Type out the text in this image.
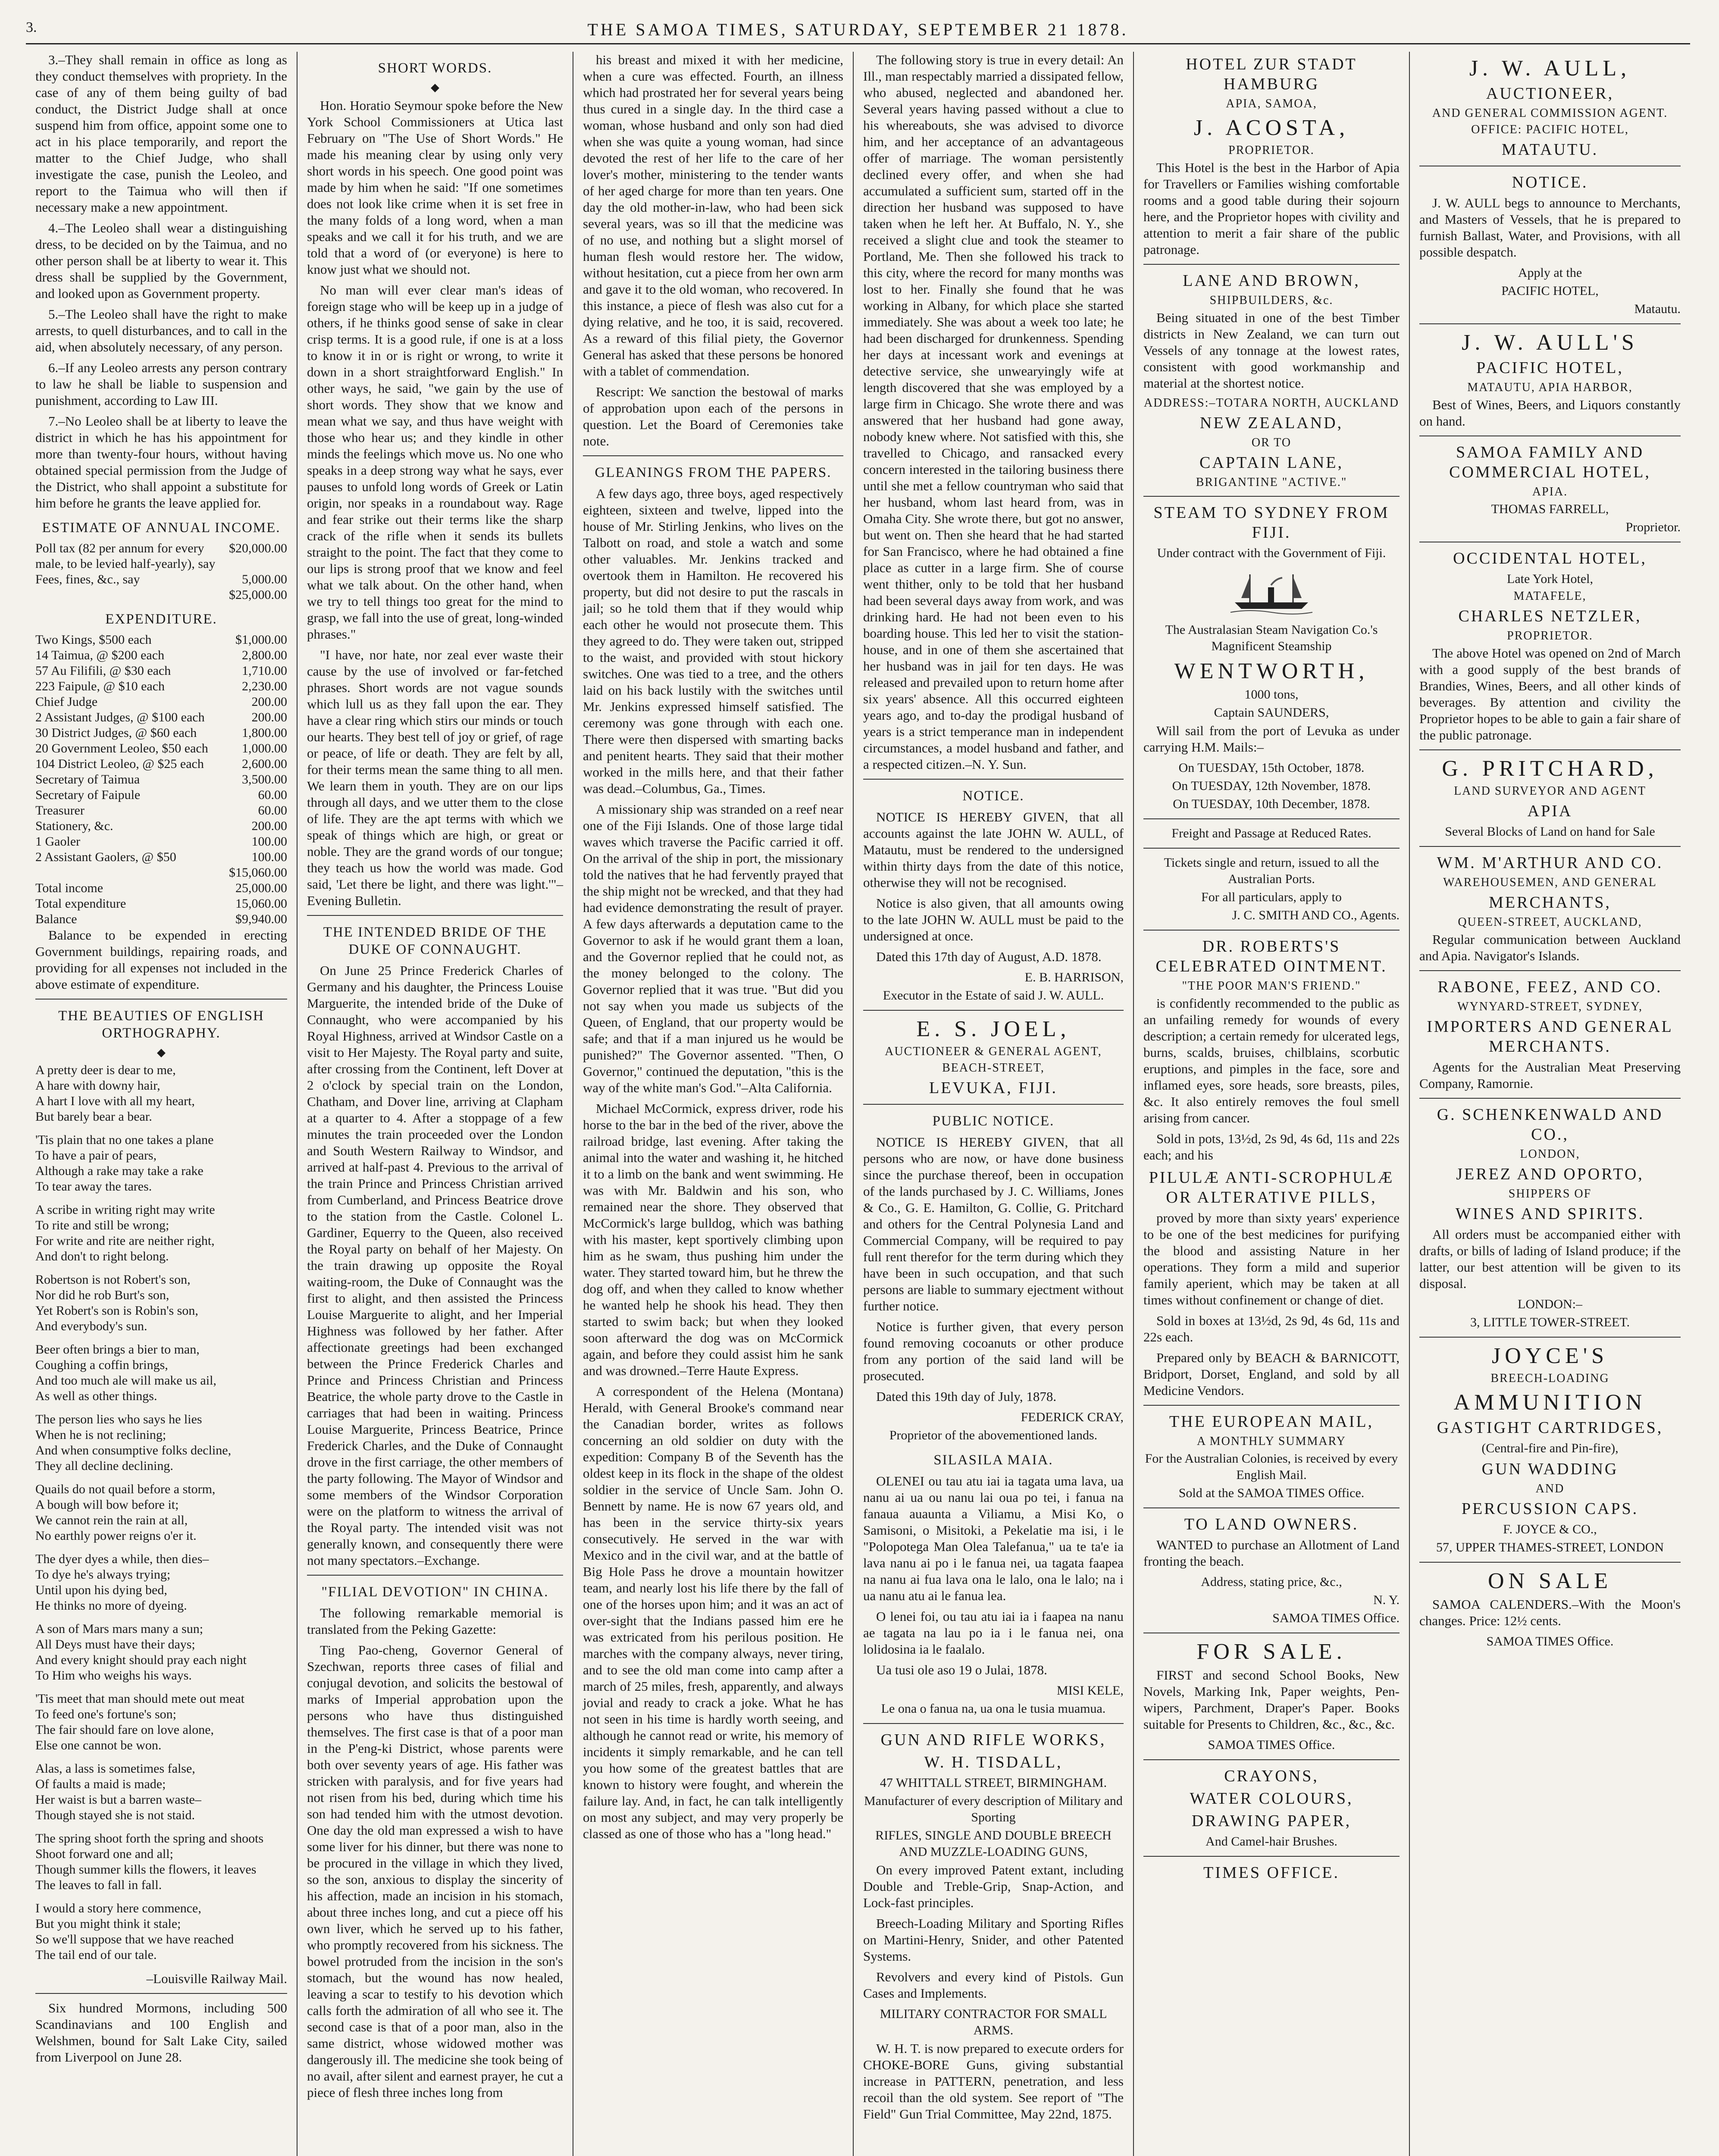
3.	THE SAMOA TIMES, SATURDAY, SEPTEMBER 21 1878.

3.–They shall remain in office as long as they conduct themselves with propriety. In the case of any of them being guilty of bad conduct, the District Judge shall at once suspend him from office, appoint some one to act in his place temporarily, and report the matter to the Chief Judge, who shall investigate the case, punish the Leoleo, and report to the Taimua who will then if necessary make a new appointment.

4.–The Leoleo shall wear a distinguishing dress, to be decided on by the Taimua, and no other person shall be at liberty to wear it. This dress shall be supplied by the Government, and looked upon as Government property.

5.–The Leoleo shall have the right to make arrests, to quell disturbances, and to call in the aid, when absolutely necessary, of any person.

6.–If any Leoleo arrests any person contrary to law he shall be liable to suspension and punishment, according to Law III.

7.–No Leoleo shall be at liberty to leave the district in which he has his appointment for more than twenty-four hours, without having obtained special permission from the Judge of the District, who shall appoint a substitute for him before he grants the leave applied for.

ESTIMATE OF ANNUAL INCOME.
Poll tax (82 per annum for every male, to be levied half-yearly), say	$20,000.00
Fees, fines, &c., say	5,000.00
	$25,000.00
EXPENDITURE.
Two Kings, $500 each	$1,000.00
14 Taimua, @ $200 each	2,800.00
57 Au Filifili, @ $30 each	1,710.00
223 Faipule, @ $10 each	2,230.00
Chief Judge	200.00
2 Assistant Judges, @ $100 each	200.00
30 District Judges, @ $60 each	1,800.00
20 Government Leoleo, $50 each	1,000.00
104 District Leoleo, @ $25 each	2,600.00
Secretary of Taimua	3,500.00
Secretary of Faipule	60.00
Treasurer	60.00
Stationery, &c.	200.00
1 Gaoler	100.00
2 Assistant Gaolers, @ $50	100.00
	$15,060.00
Total income	25,000.00
Total expenditure	15,060.00
Balance	$9,940.00

Balance to be expended in erecting Government buildings, repairing roads, and providing for all expenses not included in the above estimate of expenditure.

THE BEAUTIES OF ENGLISH ORTHOGRAPHY.
◆

A pretty deer is dear to me,

A hare with downy hair,

A hart I love with all my heart,

But barely bear a bear.

'Tis plain that no one takes a plane

To have a pair of pears,

Although a rake may take a rake

To tear away the tares.

A scribe in writing right may write

To rite and still be wrong;

For write and rite are neither right,

And don't to right belong.

Robertson is not Robert's son,

Nor did he rob Burt's son,

Yet Robert's son is Robin's son,

And everybody's sun.

Beer often brings a bier to man,

Coughing a coffin brings,

And too much ale will make us ail,

As well as other things.

The person lies who says he lies

When he is not reclining;

And when consumptive folks decline,

They all decline declining.

Quails do not quail before a storm,

A bough will bow before it;

We cannot rein the rain at all,

No earthly power reigns o'er it.

The dyer dyes a while, then dies–

To dye he's always trying;

Until upon his dying bed,

He thinks no more of dyeing.

A son of Mars mars many a sun;

All Deys must have their days;

And every knight should pray each night

To Him who weighs his ways.

'Tis meet that man should mete out meat

To feed one's fortune's son;

The fair should fare on love alone,

Else one cannot be won.

Alas, a lass is sometimes false,

Of faults a maid is made;

Her waist is but a barren waste–

Though stayed she is not staid.

The spring shoot forth the spring and shoots

Shoot forward one and all;

Though summer kills the flowers, it leaves

The leaves to fall in fall.

I would a story here commence,

But you might think it stale;

So we'll suppose that we have reached

The tail end of our tale.

–Louisville Railway Mail.

Six hundred Mormons, including 500 Scandinavians and 100 English and Welshmen, bound for Salt Lake City, sailed from Liverpool on June 28.

SHORT WORDS.
◆

Hon. Horatio Seymour spoke before the New York School Commissioners at Utica last February on "The Use of Short Words." He made his meaning clear by using only very short words in his speech. One good point was made by him when he said: "If one sometimes does not look like crime when it is set free in the many folds of a long word, when a man speaks and we call it for his truth, and we are told that a word of (or everyone) is here to know just what we should not.

No man will ever clear man's ideas of foreign stage who will be keep up in a judge of others, if he thinks good sense of sake in clear crisp terms. It is a good rule, if one is at a loss to know it in or is right or wrong, to write it down in a short straightforward English." In other ways, he said, "we gain by the use of short words. They show that we know and mean what we say, and thus have weight with those who hear us; and they kindle in other minds the feelings which move us. No one who speaks in a deep strong way what he says, ever pauses to unfold long words of Greek or Latin origin, nor speaks in a roundabout way. Rage and fear strike out their terms like the sharp crack of the rifle when it sends its bullets straight to the point. The fact that they come to our lips is strong proof that we know and feel what we talk about. On the other hand, when we try to tell things too great for the mind to grasp, we fall into the use of great, long-winded phrases."

"I have, nor hate, nor zeal ever waste their cause by the use of involved or far-fetched phrases. Short words are not vague sounds which lull us as they fall upon the ear. They have a clear ring which stirs our minds or touch our hearts. They best tell of joy or grief, of rage or peace, of life or death. They are felt by all, for their terms mean the same thing to all men. We learn them in youth. They are on our lips through all days, and we utter them to the close of life. They are the apt terms with which we speak of things which are high, or great or noble. They are the grand words of our tongue; they teach us how the world was made. God said, 'Let there be light, and there was light.'"–Evening Bulletin.

THE INTENDED BRIDE OF THE DUKE OF CONNAUGHT.

On June 25 Prince Frederick Charles of Germany and his daughter, the Princess Louise Marguerite, the intended bride of the Duke of Connaught, who were accompanied by his Royal Highness, arrived at Windsor Castle on a visit to Her Majesty. The Royal party and suite, after crossing from the Continent, left Dover at 2 o'clock by special train on the London, Chatham, and Dover line, arriving at Clapham at a quarter to 4. After a stoppage of a few minutes the train proceeded over the London and South Western Railway to Windsor, and arrived at half-past 4. Previous to the arrival of the train Prince and Princess Christian arrived from Cumberland, and Princess Beatrice drove to the station from the Castle. Colonel L. Gardiner, Equerry to the Queen, also received the Royal party on behalf of her Majesty. On the train drawing up opposite the Royal waiting-room, the Duke of Connaught was the first to alight, and then assisted the Princess Louise Marguerite to alight, and her Imperial Highness was followed by her father. After affectionate greetings had been exchanged between the Prince Frederick Charles and Prince and Princess Christian and Princess Beatrice, the whole party drove to the Castle in carriages that had been in waiting. Princess Louise Marguerite, Princess Beatrice, Prince Frederick Charles, and the Duke of Connaught drove in the first carriage, the other members of the party following. The Mayor of Windsor and some members of the Windsor Corporation were on the platform to witness the arrival of the Royal party. The intended visit was not generally known, and consequently there were not many spectators.–Exchange.

"FILIAL DEVOTION" IN CHINA.

The following remarkable memorial is translated from the Peking Gazette:

Ting Pao-cheng, Governor General of Szechwan, reports three cases of filial and conjugal devotion, and solicits the bestowal of marks of Imperial approbation upon the persons who have thus distinguished themselves. The first case is that of a poor man in the P'eng-ki District, whose parents were both over seventy years of age. His father was stricken with paralysis, and for five years had not risen from his bed, during which time his son had tended him with the utmost devotion. One day the old man expressed a wish to have some liver for his dinner, but there was none to be procured in the village in which they lived, so the son, anxious to display the sincerity of his affection, made an incision in his stomach, about three inches long, and cut a piece off his own liver, which he served up to his father, who promptly recovered from his sickness. The bowel protruded from the incision in the son's stomach, but the wound has now healed, leaving a scar to testify to his devotion which calls forth the admiration of all who see it. The second case is that of a poor man, also in the same district, whose widowed mother was dangerously ill. The medicine she took being of no avail, after silent and earnest prayer, he cut a piece of flesh three inches long from

his breast and mixed it with her medicine, when a cure was effected. Fourth, an illness which had prostrated her for several years being thus cured in a single day. In the third case a woman, whose husband and only son had died when she was quite a young woman, had since devoted the rest of her life to the care of her lover's mother, ministering to the tender wants of her aged charge for more than ten years. One day the old mother-in-law, who had been sick several years, was so ill that the medicine was of no use, and nothing but a slight morsel of human flesh would restore her. The widow, without hesitation, cut a piece from her own arm and gave it to the old woman, who recovered. In this instance, a piece of flesh was also cut for a dying relative, and he too, it is said, recovered. As a reward of this filial piety, the Governor General has asked that these persons be honored with a tablet of commendation.

Rescript: We sanction the bestowal of marks of approbation upon each of the persons in question. Let the Board of Ceremonies take note.

GLEANINGS FROM THE PAPERS.

A few days ago, three boys, aged respectively eighteen, sixteen and twelve, lipped into the house of Mr. Stirling Jenkins, who lives on the Talbott on road, and stole a watch and some other valuables. Mr. Jenkins tracked and overtook them in Hamilton. He recovered his property, but did not desire to put the rascals in jail; so he told them that if they would whip each other he would not prosecute them. This they agreed to do. They were taken out, stripped to the waist, and provided with stout hickory switches. One was tied to a tree, and the others laid on his back lustily with the switches until Mr. Jenkins expressed himself satisfied. The ceremony was gone through with each one. There were then dispersed with smarting backs and penitent hearts. They said that their mother worked in the mills here, and that their father was dead.–Columbus, Ga., Times.

A missionary ship was stranded on a reef near one of the Fiji Islands. One of those large tidal waves which traverse the Pacific carried it off. On the arrival of the ship in port, the missionary told the natives that he had fervently prayed that the ship might not be wrecked, and that they had had evidence demonstrating the result of prayer. A few days afterwards a deputation came to the Governor to ask if he would grant them a loan, and the Governor replied that he could not, as the money belonged to the colony. The Governor replied that it was true. "But did you not say when you made us subjects of the Queen, of England, that our property would be safe; and that if a man injured us he would be punished?" The Governor assented. "Then, O Governor," continued the deputation, "this is the way of the white man's God."–Alta California.

Michael McCormick, express driver, rode his horse to the bar in the bed of the river, above the railroad bridge, last evening. After taking the animal into the water and washing it, he hitched it to a limb on the bank and went swimming. He was with Mr. Baldwin and his son, who remained near the shore. They observed that McCormick's large bulldog, which was bathing with his master, kept sportively climbing upon him as he swam, thus pushing him under the water. They started toward him, but he threw the dog off, and when they called to know whether he wanted help he shook his head. They then started to swim back; but when they looked soon afterward the dog was on McCormick again, and before they could assist him he sank and was drowned.–Terre Haute Express.

A correspondent of the Helena (Montana) Herald, with General Brooke's command near the Canadian border, writes as follows concerning an old soldier on duty with the expedition: Company B of the Seventh has the oldest keep in its flock in the shape of the oldest soldier in the service of Uncle Sam. John O. Bennett by name. He is now 67 years old, and has been in the service thirty-six years consecutively. He served in the war with Mexico and in the civil war, and at the battle of Big Hole Pass he drove a mountain howitzer team, and nearly lost his life there by the fall of one of the horses upon him; and it was an act of over-sight that the Indians passed him ere he was extricated from his perilous position. He marches with the company always, never tiring, and to see the old man come into camp after a march of 25 miles, fresh, apparently, and always jovial and ready to crack a joke. What he has not seen in his time is hardly worth seeing, and although he cannot read or write, his memory of incidents it simply remarkable, and he can tell you how some of the greatest battles that are known to history were fought, and wherein the failure lay. And, in fact, he can talk intelligently on most any subject, and may very properly be classed as one of those who has a "long head."

The following story is true in every detail: An Ill., man respectably married a dissipated fellow, who abused, neglected and abandoned her. Several years having passed without a clue to his whereabouts, she was advised to divorce him, and her acceptance of an advantageous offer of marriage. The woman persistently declined every offer, and when she had accumulated a sufficient sum, started off in the direction her husband was supposed to have taken when he left her. At Buffalo, N. Y., she received a slight clue and took the steamer to Portland, Me. Then she followed his track to this city, where the record for many months was lost to her. Finally she found that he was working in Albany, for which place she started immediately. She was about a week too late; he had been discharged for drunkenness. Spending her days at incessant work and evenings at detective service, she unwearyingly wife at length discovered that she was employed by a large firm in Chicago. She wrote there and was answered that her husband had gone away, nobody knew where. Not satisfied with this, she travelled to Chicago, and ransacked every concern interested in the tailoring business there until she met a fellow countryman who said that her husband, whom last heard from, was in Omaha City. She wrote there, but got no answer, but went on. Then she heard that he had started for San Francisco, where he had obtained a fine place as cutter in a large firm. She of course went thither, only to be told that her husband had been several days away from work, and was drinking hard. He had not been even to his boarding house. This led her to visit the station-house, and in one of them she ascertained that her husband was in jail for ten days. He was released and prevailed upon to return home after six years' absence. All this occurred eighteen years ago, and to-day the prodigal husband of years is a strict temperance man in independent circumstances, a model husband and father, and a respected citizen.–N. Y. Sun.

NOTICE.

NOTICE IS HEREBY GIVEN, that all accounts against the late JOHN W. AULL, of Matautu, must be rendered to the undersigned within thirty days from the date of this notice, otherwise they will not be recognised.

Notice is also given, that all amounts owing to the late JOHN W. AULL must be paid to the undersigned at once.

Dated this 17th day of August, A.D. 1878.

E. B. HARRISON,
Executor in the Estate of said J. W. AULL.
E. S. JOEL,
AUCTIONEER & GENERAL AGENT,
BEACH-STREET,
LEVUKA, FIJI.
PUBLIC NOTICE.

NOTICE IS HEREBY GIVEN, that all persons who are now, or have done business since the purchase thereof, been in occupation of the lands purchased by J. C. Williams, Jones & Co., G. E. Hamilton, G. Collie, G. Pritchard and others for the Central Polynesia Land and Commercial Company, will be required to pay full rent therefor for the term during which they have been in such occupation, and that such persons are liable to summary ejectment without further notice.

Notice is further given, that every person found removing cocoanuts or other produce from any portion of the said land will be prosecuted.

Dated this 19th day of July, 1878.

FEDERICK CRAY,
Proprietor of the abovementioned lands.
SILASILA MAIA.

OLENEI ou tau atu iai ia tagata uma lava, ua nanu ai ua ou nanu lai oua po tei, i fanua na fanaua auaunta a Viliamu, a Misi Ko, o Samisoni, o Misitoki, a Pekelatie ma isi, i le "Polopotega Man Olea Talefanua," ua te ta'e ia lava nanu ai po i le fanua nei, ua tagata faapea na nanu ai fua lava ona le lalo, ona le lalo; na i ua nanu atu ai le fanua lea.

O lenei foi, ou tau atu iai ia i faapea na nanu ae tagata na lau po ia i le fanua nei, ona lolidosina ia le faalalo.

Ua tusi ole aso 19 o Julai, 1878.

MISI KELE,
Le ona o fanua na, ua ona le tusia muamua.
GUN AND RIFLE WORKS,
W. H. TISDALL,
47 WHITTALL STREET, BIRMINGHAM.
Manufacturer of every description of Military and Sporting
RIFLES, SINGLE AND DOUBLE BREECH AND MUZZLE-LOADING GUNS,

On every improved Patent extant, including Double and Treble-Grip, Snap-Action, and Lock-fast principles.

Breech-Loading Military and Sporting Rifles on Martini-Henry, Snider, and other Patented Systems.

Revolvers and every kind of Pistols. Gun Cases and Implements.

MILITARY CONTRACTOR FOR SMALL ARMS.

W. H. T. is now prepared to execute orders for CHOKE-BORE Guns, giving substantial increase in PATTERN, penetration, and less recoil than the old system. See report of "The Field" Gun Trial Committee, May 22nd, 1875.

HOTEL ZUR STADT HAMBURG
APIA, SAMOA,
J. ACOSTA,
PROPRIETOR.

This Hotel is the best in the Harbor of Apia for Travellers or Families wishing comfortable rooms and a good table during their sojourn here, and the Proprietor hopes with civility and attention to merit a fair share of the public patronage.

LANE AND BROWN,
SHIPBUILDERS, &c.

Being situated in one of the best Timber districts in New Zealand, we can turn out Vessels of any tonnage at the lowest rates, consistent with good workmanship and material at the shortest notice.

ADDRESS:–TOTARA NORTH, AUCKLAND
NEW ZEALAND,
OR TO
CAPTAIN LANE,
BRIGANTINE "ACTIVE."
STEAM TO SYDNEY FROM FIJI.
Under contract with the Government of Fiji.
The Australasian Steam Navigation Co.'s Magnificent Steamship
WENTWORTH,
1000 tons,
Captain SAUNDERS,

Will sail from the port of Levuka as under carrying H.M. Mails:–

On TUESDAY, 15th October, 1878.
On TUESDAY, 12th November, 1878.
On TUESDAY, 10th December, 1878.
Freight and Passage at Reduced Rates.
Tickets single and return, issued to all the Australian Ports.
For all particulars, apply to
J. C. SMITH AND CO., Agents.
DR. ROBERTS'S CELEBRATED OINTMENT.
"THE POOR MAN'S FRIEND."

is confidently recommended to the public as an unfailing remedy for wounds of every description; a certain remedy for ulcerated legs, burns, scalds, bruises, chilblains, scorbutic eruptions, and pimples in the face, sore and inflamed eyes, sore heads, sore breasts, piles, &c. It also entirely removes the foul smell arising from cancer.

Sold in pots, 13½d, 2s 9d, 4s 6d, 11s and 22s each; and his

PILULÆ ANTI-SCROPHULÆ OR ALTERATIVE PILLS,

proved by more than sixty years' experience to be one of the best medicines for purifying the blood and assisting Nature in her operations. They form a mild and superior family aperient, which may be taken at all times without confinement or change of diet.

Sold in boxes at 13½d, 2s 9d, 4s 6d, 11s and 22s each.

Prepared only by BEACH & BARNICOTT, Bridport, Dorset, England, and sold by all Medicine Vendors.

THE EUROPEAN MAIL,
A MONTHLY SUMMARY
For the Australian Colonies, is received by every English Mail.
Sold at the SAMOA TIMES Office.
TO LAND OWNERS.

WANTED to purchase an Allotment of Land fronting the beach.

Address, stating price, &c.,
N. Y.
SAMOA TIMES Office.
FOR SALE.

FIRST and second School Books, New Novels, Marking Ink, Paper weights, Pen-wipers, Parchment, Draper's Paper. Books suitable for Presents to Children, &c., &c., &c.

SAMOA TIMES Office.
CRAYONS,
WATER COLOURS,
DRAWING PAPER,
And Camel-hair Brushes.
TIMES OFFICE.
J. W. AULL,
AUCTIONEER,
AND GENERAL COMMISSION AGENT.
OFFICE: PACIFIC HOTEL,
MATAUTU.
NOTICE.

J. W. AULL begs to announce to Merchants, and Masters of Vessels, that he is prepared to furnish Ballast, Water, and Provisions, with all possible despatch.

Apply at the
PACIFIC HOTEL,
Matautu.
J. W. AULL'S
PACIFIC HOTEL,
MATAUTU, APIA HARBOR,

Best of Wines, Beers, and Liquors constantly on hand.

SAMOA FAMILY AND COMMERCIAL HOTEL,
APIA.
THOMAS FARRELL,
Proprietor.
OCCIDENTAL HOTEL,
Late York Hotel,
MATAFELE,
CHARLES NETZLER,
PROPRIETOR.

The above Hotel was opened on 2nd of March with a good supply of the best brands of Brandies, Wines, Beers, and all other kinds of beverages. By attention and civility the Proprietor hopes to be able to gain a fair share of the public patronage.

G. PRITCHARD,
LAND SURVEYOR AND AGENT
APIA
Several Blocks of Land on hand for Sale
WM. M'ARTHUR AND CO.
WAREHOUSEMEN, AND GENERAL
MERCHANTS,
QUEEN-STREET, AUCKLAND,

Regular communication between Auckland and Apia. Navigator's Islands.

RABONE, FEEZ, AND CO.
WYNYARD-STREET, SYDNEY,
IMPORTERS AND GENERAL MERCHANTS.

Agents for the Australian Meat Preserving Company, Ramornie.

G. SCHENKENWALD AND CO.,
LONDON,
JEREZ AND OPORTO,
SHIPPERS OF
WINES AND SPIRITS.

All orders must be accompanied either with drafts, or bills of lading of Island produce; if the latter, our best attention will be given to its disposal.

LONDON:–
3, LITTLE TOWER-STREET.
JOYCE'S
BREECH-LOADING
AMMUNITION
GASTIGHT CARTRIDGES,
(Central-fire and Pin-fire),
GUN WADDING
AND
PERCUSSION CAPS.
F. JOYCE & CO.,
57, UPPER THAMES-STREET, LONDON
ON SALE

SAMOA CALENDERS.–With the Moon's changes. Price: 12½ cents.

SAMOA TIMES Office.
